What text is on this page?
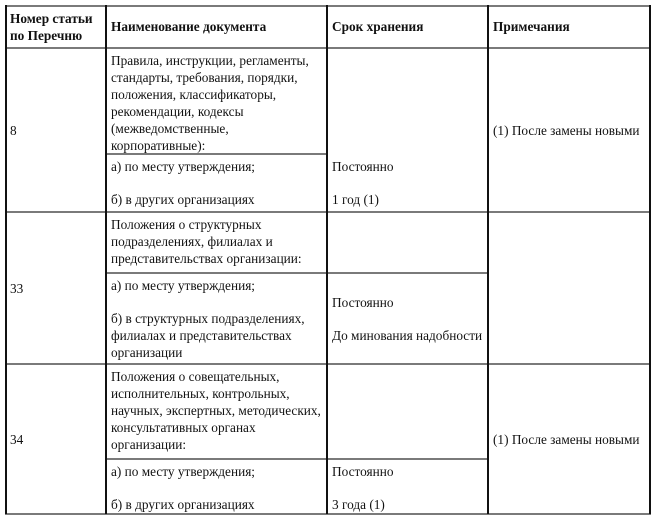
Номер статьи по Перечню
Наименование документа	Срок хранения	Примечания
8
Правила, инструкции, регламенты, стандарты, требования, порядки, положения, классификаторы, рекомендации, кодексы (межведомственные, корпоративные):

а) по месту утверждения;

б) в других организациях

Постоянно

1 год (1)

(1) После замены новыми
33
Положения о структурных подразделениях, филиалах и представительствах организации:

а) по месту утверждения;

б) в структурных подразделениях, филиалах и представительствах организации

Постоянно

До минования надобности

34
Положения о совещательных, исполнительных, контрольных, научных, экспертных, методических, консультативных органах организации:

а) по месту утверждения;

б) в других организациях

Постоянно

3 года (1)

(1) После замены новыми
